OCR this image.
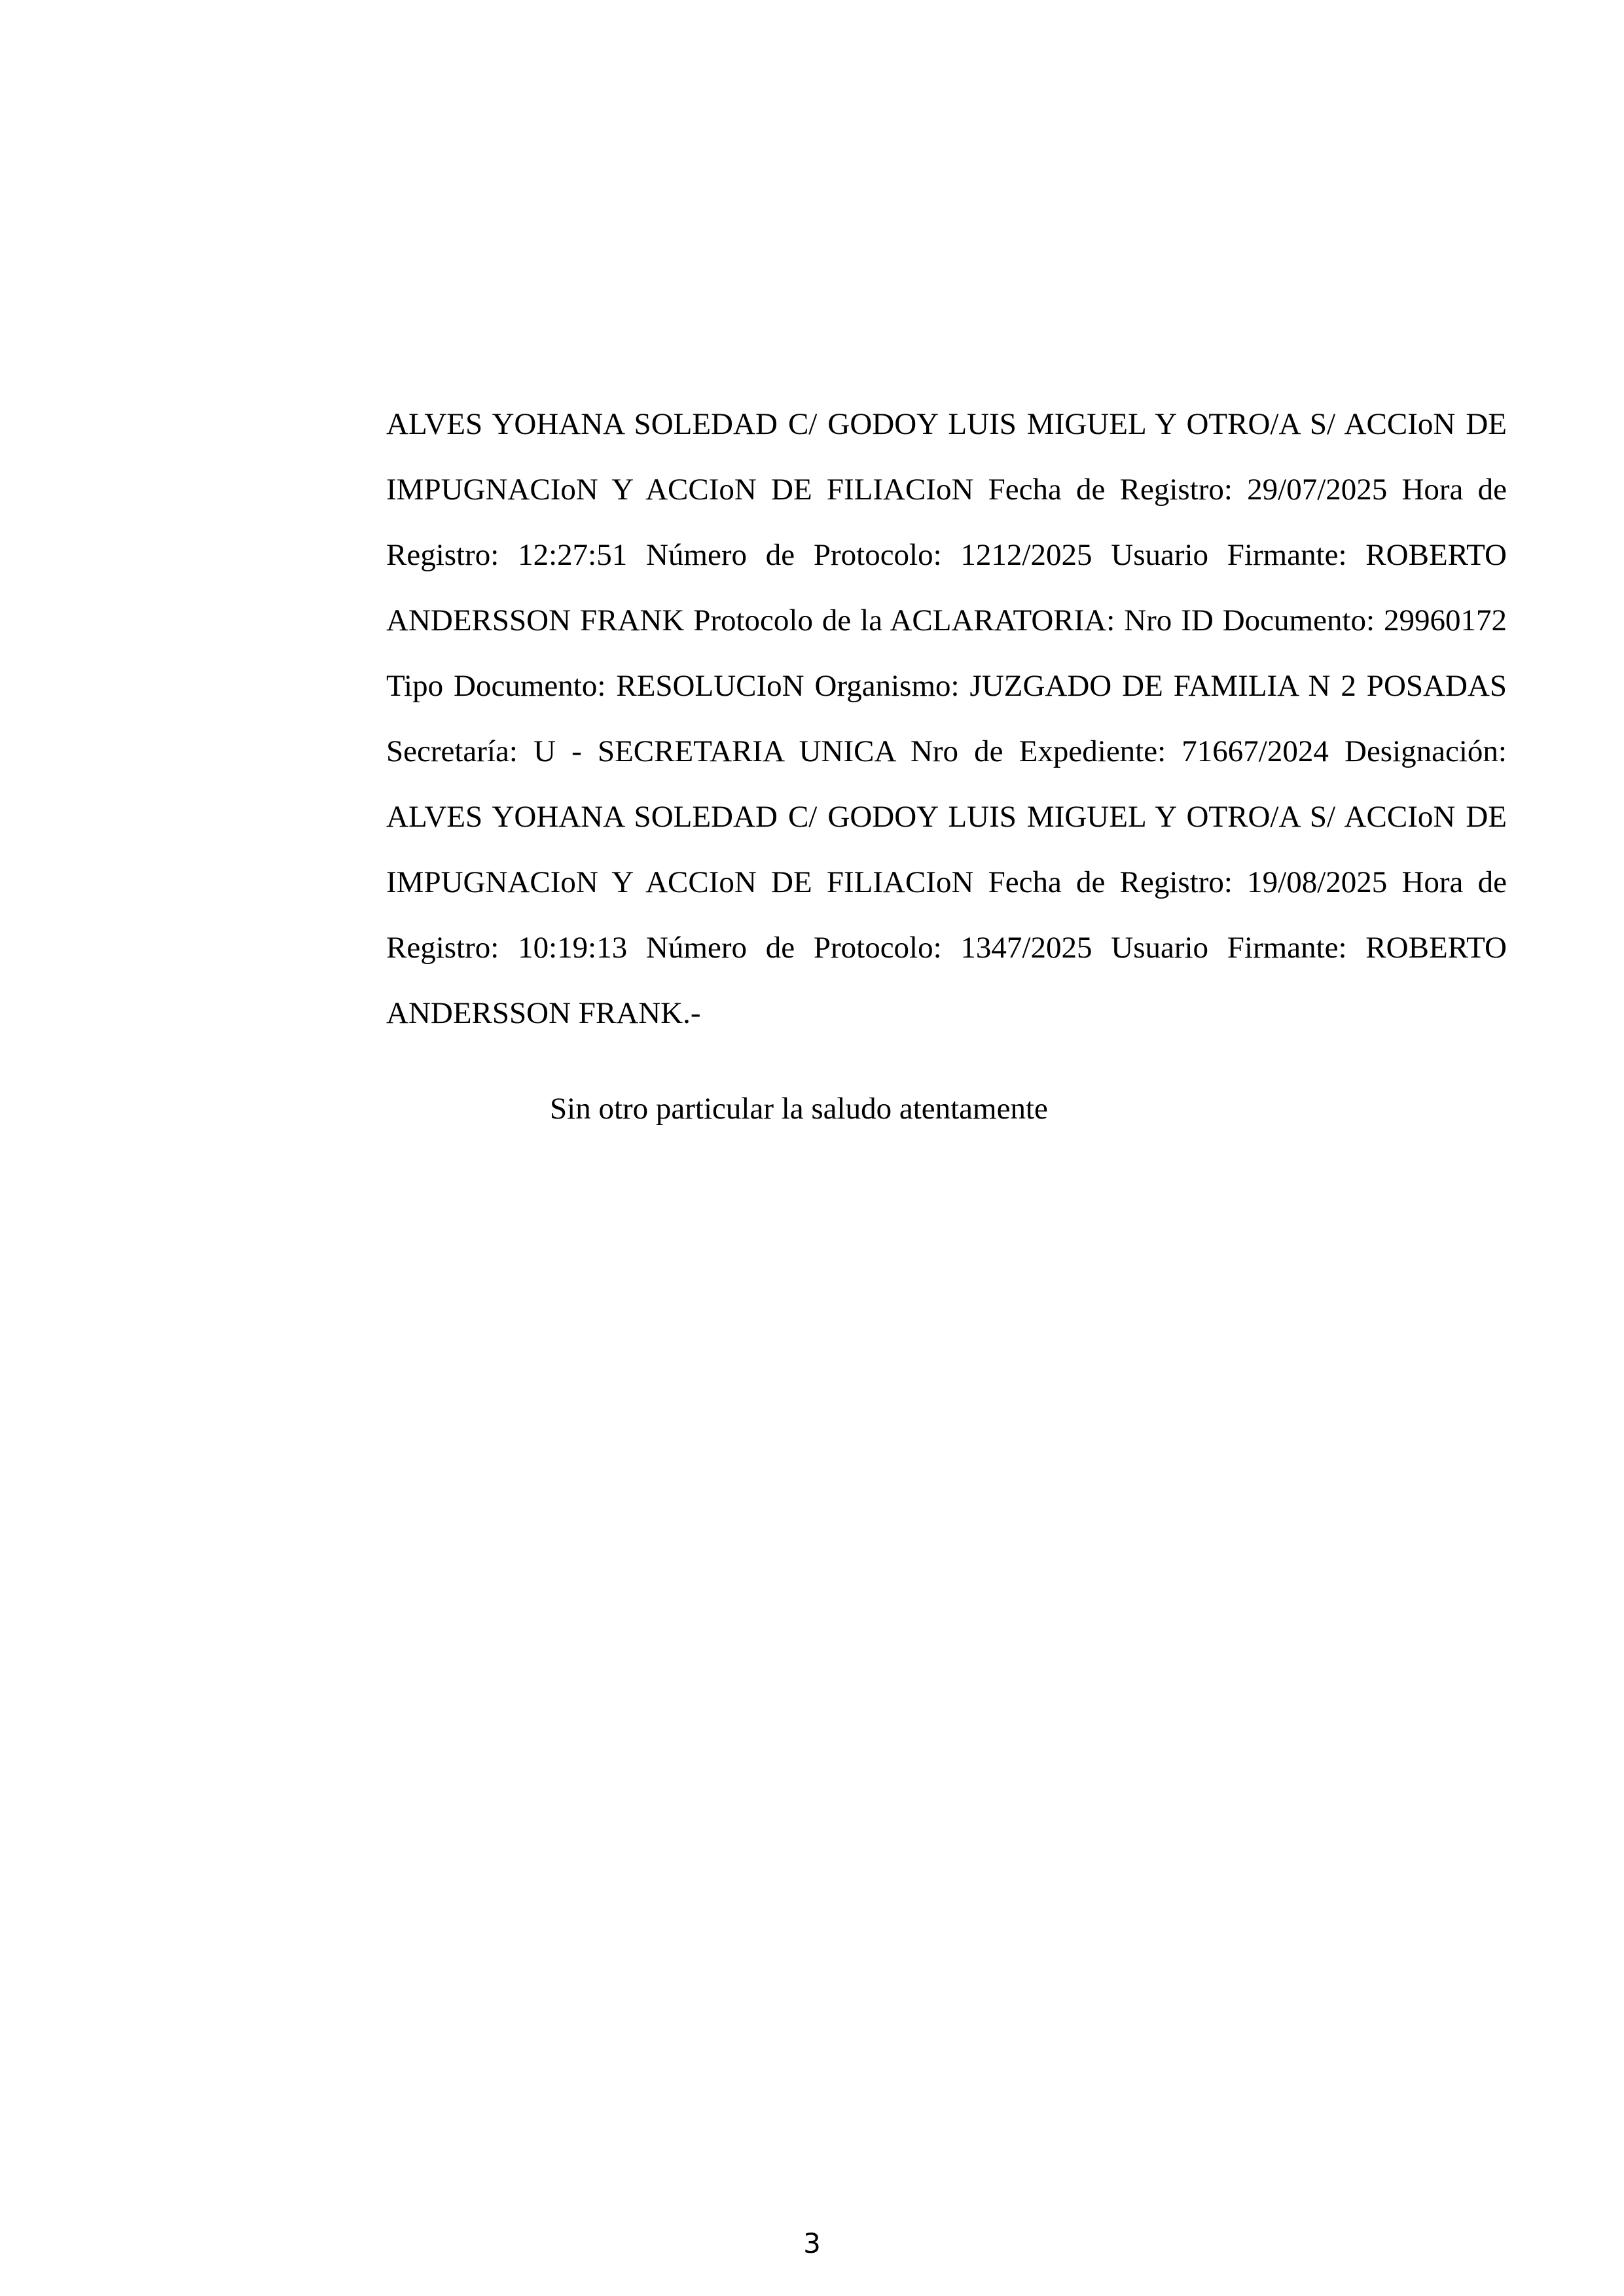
ALVES YOHANA SOLEDAD C/ GODOY LUIS MIGUEL Y OTRO/A S/ ACCIoN DE IMPUGNACIoN Y ACCIoN DE FILIACIoN Fecha de Registro: 29/07/2025 Hora de Registro: 12:27:51 Número de Protocolo: 1212/2025 Usuario Firmante: ROBERTO ANDERSSON FRANK Protocolo de la ACLARATORIA: Nro ID Documento: 29960172 Tipo Documento: RESOLUCIoN Organismo: JUZGADO DE FAMILIA N 2 POSADAS Secretaría: U - SECRETARIA UNICA Nro de Expediente: 71667/2024 Designación: ALVES YOHANA SOLEDAD C/ GODOY LUIS MIGUEL Y OTRO/A S/ ACCIoN DE IMPUGNACIoN Y ACCIoN DE FILIACIoN Fecha de Registro: 19/08/2025 Hora de Registro: 10:19:13 Número de Protocolo: 1347/2025 Usuario Firmante: ROBERTO ANDERSSON FRANK.-

Sin otro particular la saludo atentamente

3
